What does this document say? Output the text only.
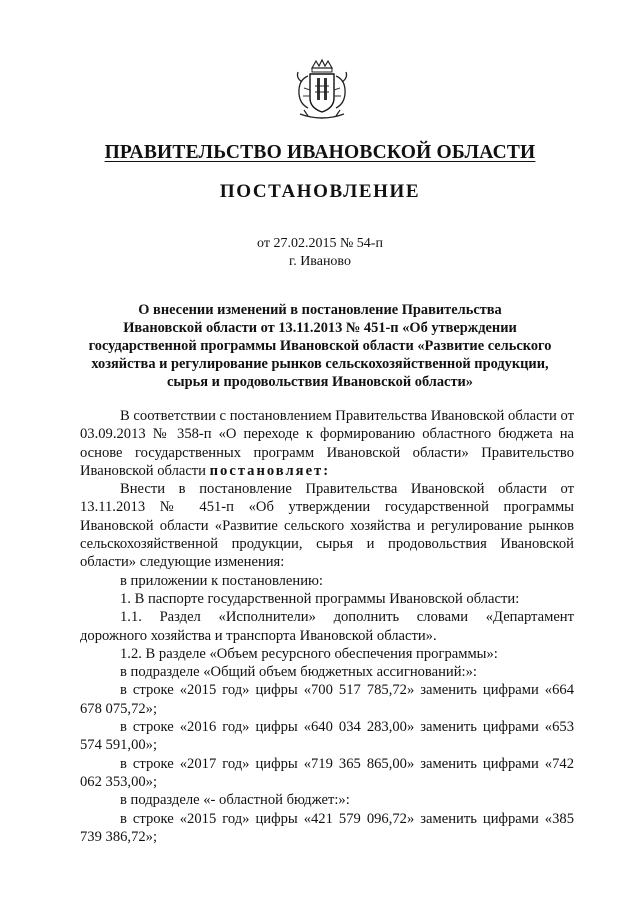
ПРАВИТЕЛЬСТВО ИВАНОВСКОЙ ОБЛАСТИ
ПОСТАНОВЛЕНИЕ
от 27.02.2015 № 54-п
г. Иваново
О внесении изменений в постановление Правительства
Ивановской области от 13.11.2013 № 451-п «Об утверждении
государственной программы Ивановской области «Развитие сельского
хозяйства и регулирование рынков сельскохозяйственной продукции,
сырья и продовольствия Ивановской области»

В соответствии с постановлением Правительства Ивановской области от 03.09.2013 № 358-п «О переходе к формированию областного бюджета на основе государственных программ Ивановской области» Правительство Ивановской области постановляет:

Внести в постановление Правительства Ивановской области от 13.11.2013 № 451-п «Об утверждении государственной программы Ивановской области «Развитие сельского хозяйства и регулирование рынков сельскохозяйственной продукции, сырья и продовольствия Ивановской области» следующие изменения:

в приложении к постановлению:

1. В паспорте государственной программы Ивановской области:

1.1. Раздел «Исполнители» дополнить словами «Департамент дорожного хозяйства и транспорта Ивановской области».

1.2. В разделе «Объем ресурсного обеспечения программы»:

в подразделе «Общий объем бюджетных ассигнований:»:

в строке «2015 год» цифры «700 517 785,72» заменить цифрами «664 678 075,72»;

в строке «2016 год» цифры «640 034 283,00» заменить цифрами «653 574 591,00»;

в строке «2017 год» цифры «719 365 865,00» заменить цифрами «742 062 353,00»;

в подразделе «- областной бюджет:»:

в строке «2015 год» цифры «421 579 096,72» заменить цифрами «385 739 386,72»;
